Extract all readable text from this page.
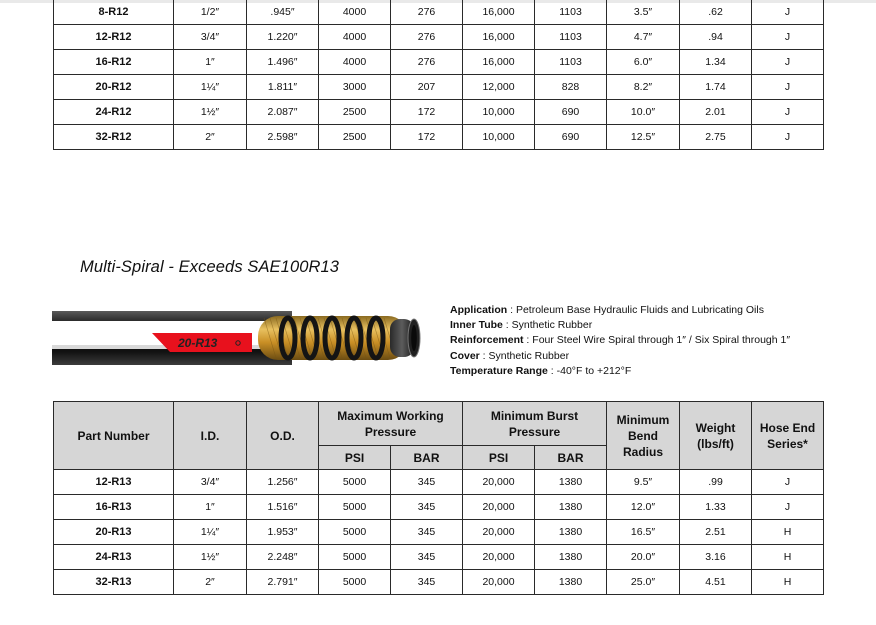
8-R12	1/2″	.945″	4000	276	16,000	1103	3.5″	.62	J
12-R12	3/4″	1.220″	4000	276	16,000	1103	4.7″	.94	J
16-R12	1″	1.496″	4000	276	16,000	1103	6.0″	1.34	J
20-R12	1¼″	1.811″	3000	207	12,000	828	8.2″	1.74	J
24-R12	1½″	2.087″	2500	172	10,000	690	10.0″	2.01	J
32-R12	2″	2.598″	2500	172	10,000	690	12.5″	2.75	J
Multi-Spiral - Exceeds SAE100R13
20-R13
Application : Petroleum Base Hydraulic Fluids and Lubricating Oils
Inner Tube : Synthetic Rubber
Reinforcement : Four Steel Wire Spiral through 1″ / Six Spiral through 1″
Cover : Synthetic Rubber
Temperature Range : -40°F to +212°F
Part Number	I.D.	O.D.	Maximum Working Pressure		Minimum Burst Pressure		Minimum Bend Radius	Weight (lbs/ft)	Hose End Series*

			PSI	BAR	PSI	BAR			
12-R13	3/4″	1.256″	5000	345	20,000	1380	9.5″	.99	J
16-R13	1″	1.516″	5000	345	20,000	1380	12.0″	1.33	J
20-R13	1¼″	1.953″	5000	345	20,000	1380	16.5″	2.51	H
24-R13	1½″	2.248″	5000	345	20,000	1380	20.0″	3.16	H
32-R13	2″	2.791″	5000	345	20,000	1380	25.0″	4.51	H
